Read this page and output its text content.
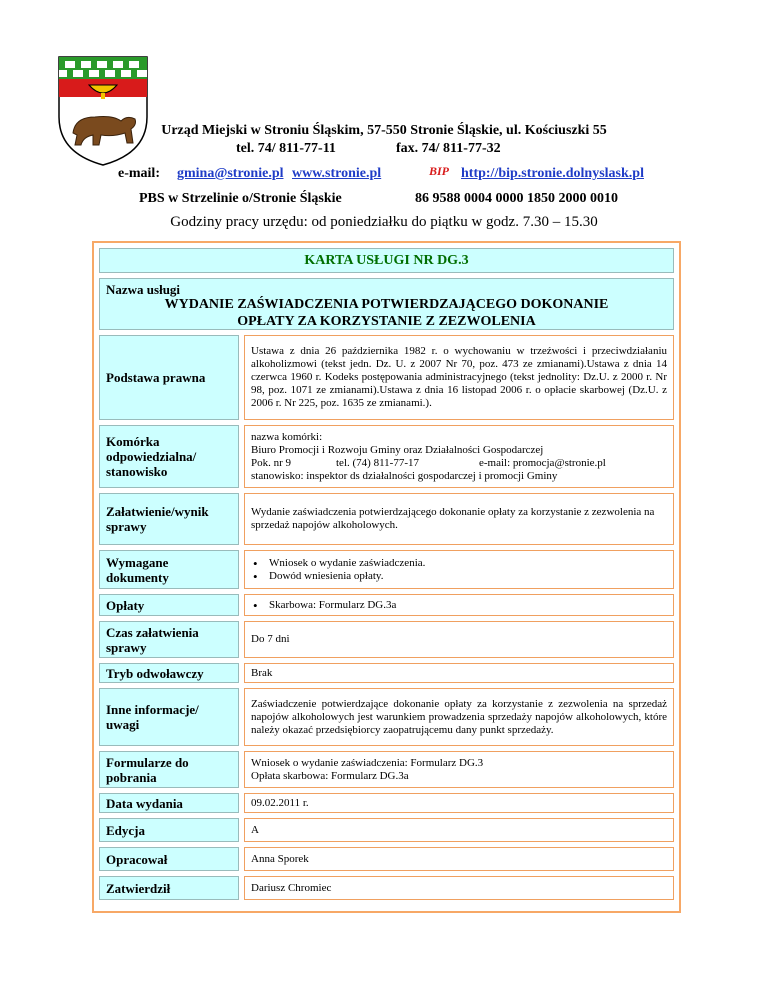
Urząd Miejski w Stroniu Śląskim, 57-550 Stronie Śląskie, ul. Kościuszki 55
tel. 74/ 811-77-11	fax. 74/ 811-77-32
e-mail: gmina@stronie.pl www.stronie.pl	BIP http://bip.stronie.dolnyslask.pl
PBS w Strzelinie o/Stronie Śląskie	86 9588 0004 0000 1850 2000 0010
Godziny pracy urzędu: od poniedziałku do piątku w godz. 7.30 – 15.30
KARTA USŁUGI NR DG.3
Nazwa usługi
WYDANIE ZAŚWIADCZENIA POTWIERDZAJĄCEGO DOKONANIE
OPŁATY ZA KORZYSTANIE Z ZEZWOLENIA
Podstawa prawna
Ustawa z dnia 26 października 1982 r. o wychowaniu w trzeźwości i przeciwdziałaniu alkoholizmowi (tekst jedn. Dz. U. z 2007 Nr 70, poz. 473 ze zmianami).Ustawa z dnia 14 czerwca 1960 r. Kodeks postępowania administracyjnego (tekst jednolity: Dz.U. z 2000 r. Nr 98, poz. 1071 ze zmianami).Ustawa z dnia 16 listopad 2006 r. o opłacie skarbowej (Dz.U. z 2006 r. Nr 225, poz. 1635 ze zmianami.).
Komórka odpowiedzialna/ stanowisko
nazwa komórki:
Biuro Promocji i Rozwoju Gminy oraz Działalności Gospodarczej
Pok. nr 9	tel. (74) 811-77-17	e-mail: promocja@stronie.pl
stanowisko: inspektor ds działalności gospodarczej i promocji Gminy
Załatwienie/wynik sprawy
Wydanie zaświadczenia potwierdzającego dokonanie opłaty za korzystanie z zezwolenia na sprzedaż napojów alkoholowych.
Wymagane dokumenty
• Wniosek o wydanie zaświadczenia.
• Dowód wniesienia opłaty.
Opłaty
•	Skarbowa: Formularz DG.3a
Czas załatwienia sprawy
Do 7 dni
Tryb odwoławczy	Brak
Inne informacje/ uwagi
Zaświadczenie potwierdzające dokonanie opłaty za korzystanie z zezwolenia na sprzedaż napojów alkoholowych jest warunkiem prowadzenia sprzedaży napojów alkoholowych, które należy okazać przedsiębiorcy zaopatrującemu dany punkt sprzedaży.
Formularze do pobrania
Wniosek o wydanie zaświadczenia: Formularz DG.3
Opłata skarbowa: Formularz DG.3a
Data wydania	09.02.2011 r.
Edycja	A
Opracował	Anna Sporek
Zatwierdził	Dariusz Chromiec
